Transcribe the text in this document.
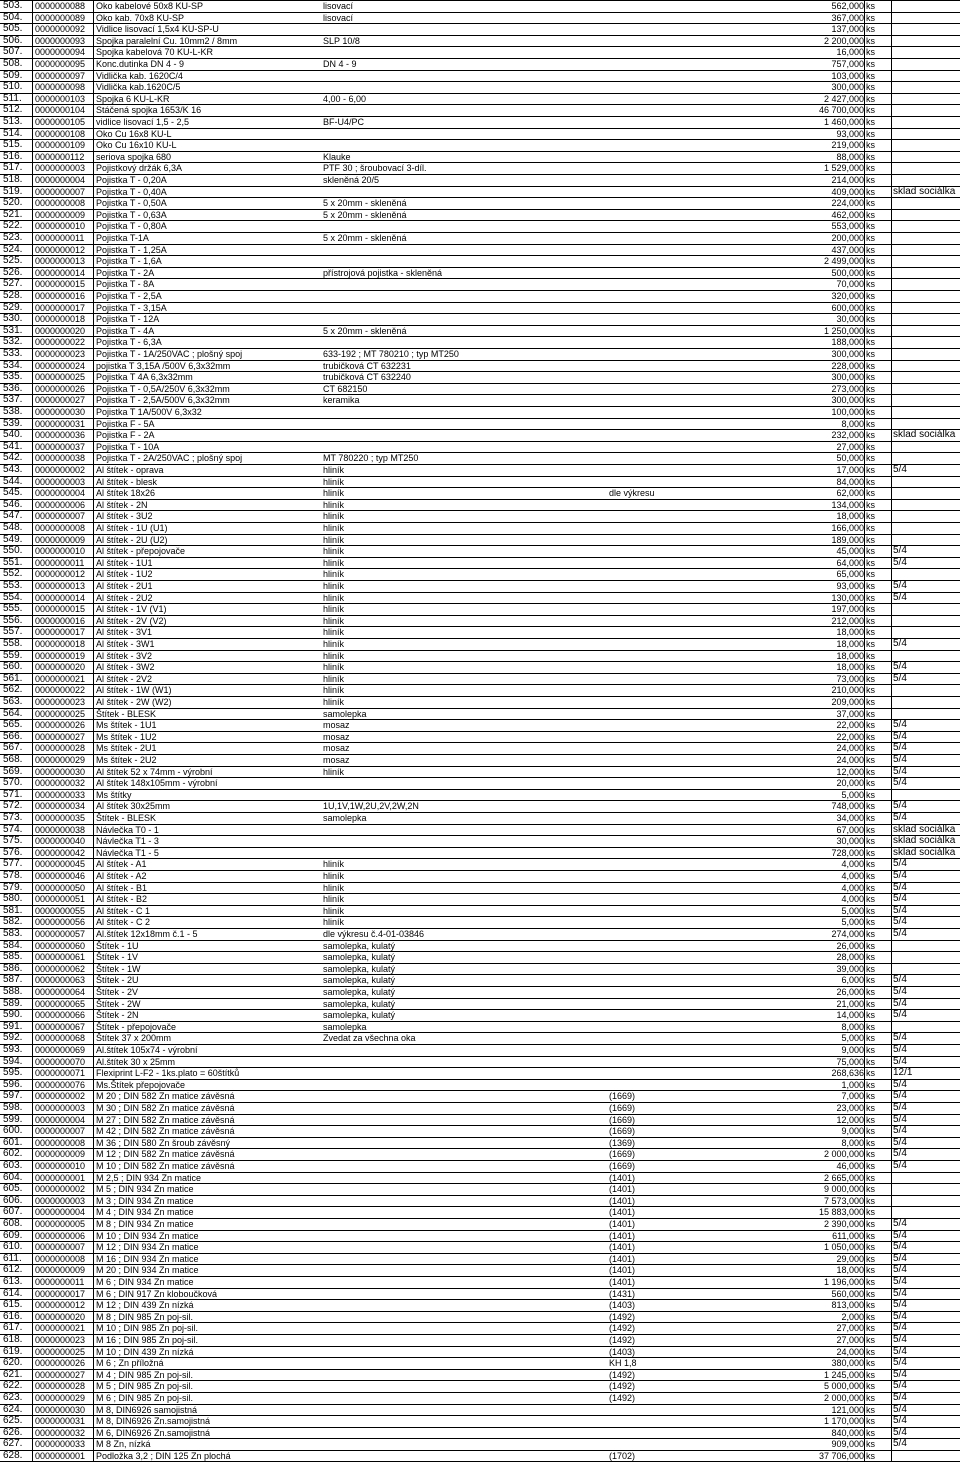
503.	0000000088	Oko kabelové 50x8 KU-SP	lisovací	562,000 ks
504.	0000000089	Oko kab. 70x8 KU-SP	lisovací	367,000 ks
505.	0000000092	Vidlice lisovací 1,5x4 KU-SP-U	137,000 ks
506.	0000000093	Spojka paralelní Cu. 10mm2 / 8mm	SLP 10/8	2 200,000 ks
507.	0000000094	Spojka kabelová 70 KU-L-KR	16,000 ks
508.	0000000095	Konc.dutinka DN 4 - 9	DN 4 - 9	757,000 ks
509.	0000000097	Vidlička kab. 1620C/4	103,000 ks
510.	0000000098	Vidlička kab.1620C/5	300,000 ks
511.	0000000103	Spojka 6 KU-L-KR	4,00 - 6,00	2 427,000 ks
512.	0000000104	Stáčená spojka 1653/K 16	46 700,000 ks
513.	0000000105	vidlice lisovací 1,5 - 2,5	BF-U4/PC	1 460,000 ks
514.	0000000108	Oko Cu 16x8 KU-L	93,000 ks
515.	0000000109	Oko Cu 16x10 KU-L	219,000 ks
516.	0000000112	seriova spojka 680	Klauke	88,000 ks
517.	0000000003	Pojistkový držák 6,3A	PTF 30 ; šroubovací 3-díl.	1 529,000 ks
518.	0000000004	Pojistka T - 0,20A	skleněná 20/5	214,000 ks
519.	0000000007	Pojistka T - 0,40A	409,000 ks	sklad sociálka
520.	0000000008	Pojistka T - 0,50A	5 x 20mm - skleněná	224,000 ks
521.	0000000009	Pojistka T - 0,63A	5 x 20mm - skleněná	462,000 ks
522.	0000000010	Pojistka T - 0,80A	553,000 ks
523.	0000000011	Pojistka T-1A	5 x 20mm - skleněná	200,000 ks
524.	0000000012	Pojistka T - 1,25A	437,000 ks
525.	0000000013	Pojistka T - 1,6A	2 499,000 ks
526.	0000000014	Pojistka T - 2A	přístrojová pojistka - skleněná	500,000 ks
527.	0000000015	Pojistka T - 8A	70,000 ks
528.	0000000016	Pojistka T - 2,5A	320,000 ks
529.	0000000017	Pojistka T - 3,15A	600,000 ks
530.	0000000018	Pojistka T - 12A	30,000 ks
531.	0000000020	Pojistka T - 4A	5 x 20mm - skleněná	1 250,000 ks
532.	0000000022	Pojistka T - 6,3A	188,000 ks
533.	0000000023	Pojistka T - 1A/250VAC ; plošný spoj	633-192 ; MT 780210 ; typ MT250	300,000 ks
534.	0000000024	pojistka T 3,15A /500V 6,3x32mm	trubičková CT 632231	228,000 ks
535.	0000000025	Pojistka T 4A 6,3x32mm	trubičková CT 632240	300,000 ks
536.	0000000026	Pojistka T - 0,5A/250V 6,3x32mm	CT 682150	273,000 ks
537.	0000000027	Pojistka T - 2,5A/500V 6,3x32mm	keramika	300,000 ks
538.	0000000030	Pojistka T 1A/500V 6,3x32	100,000 ks
539.	0000000031	Pojistka F - 5A	8,000 ks
540.	0000000036	Pojistka F - 2A	232,000 ks	sklad sociálka
541.	0000000037	Pojistka T - 10A	27,000 ks
542.	0000000038	Pojistka T - 2A/250VAC ; plošný spoj	MT 780220 ; typ MT250	50,000 ks
543.	0000000002	Al štítek - oprava	hliník	17,000 ks	5/4
544.	0000000003	Al štítek - blesk	hliník	84,000 ks
545.	0000000004	Al štítek 18x26	hliník	dle výkresu	62,000 ks
546.	0000000006	Al štítek - 2N	hliník	134,000 ks
547.	0000000007	Al štítek - 3U2	hliník	18,000 ks
548.	0000000008	Al štítek - 1U (U1)	hliník	166,000 ks
549.	0000000009	Al štítek - 2U (U2)	hliník	189,000 ks
550.	0000000010	Al štítek - přepojovače	hliník	45,000 ks	5/4
551.	0000000011	Al štítek - 1U1	hliník	64,000 ks	5/4
552.	0000000012	Al štítek - 1U2	hliník	65,000 ks
553.	0000000013	Al štítek - 2U1	hliník	93,000 ks	5/4
554.	0000000014	Al štítek - 2U2	hliník	130,000 ks	5/4
555.	0000000015	Al štítek - 1V (V1)	hliník	197,000 ks
556.	0000000016	Al štítek - 2V (V2)	hliník	212,000 ks
557.	0000000017	Al štítek - 3V1	hliník	18,000 ks
558.	0000000018	Al štítek - 3W1	hliník	18,000 ks	5/4
559.	0000000019	Al štítek - 3V2	hliník	18,000 ks
560.	0000000020	Al štítek - 3W2	hliník	18,000 ks	5/4
561.	0000000021	Al štítek - 2V2	hliník	73,000 ks	5/4
562.	0000000022	Al štítek - 1W (W1)	hliník	210,000 ks
563.	0000000023	Al štítek - 2W (W2)	hliník	209,000 ks
564.	0000000025	Štítek - BLESK	samolepka	37,000 ks
565.	0000000026	Ms štítek - 1U1	mosaz	22,000 ks	5/4
566.	0000000027	Ms štítek - 1U2	mosaz	22,000 ks	5/4
567.	0000000028	Ms štítek - 2U1	mosaz	24,000 ks	5/4
568.	0000000029	Ms štítek - 2U2	mosaz	24,000 ks	5/4
569.	0000000030	Al štítek 52 x 74mm - výrobní	hliník	12,000 ks	5/4
570.	0000000032	Al štítek 148x105mm - výrobní	20,000 ks	5/4
571.	0000000033	Ms štítky	5,000 ks
572.	0000000034	Al štítek 30x25mm	1U,1V,1W,2U,2V,2W,2N	748,000 ks	5/4
573.	0000000035	Štítek - BLESK	samolepka	34,000 ks	5/4
574.	0000000038	Návlečka T0 - 1	67,000 ks	sklad sociálka
575.	0000000040	Návlečka T1 - 3	30,000 ks	sklad sociálka
576.	0000000042	Návlečka T1 - 5	728,000 ks	sklad sociálka
577.	0000000045	Al štítek - A1	hliník	4,000 ks	5/4
578.	0000000046	Al štítek - A2	hliník	4,000 ks	5/4
579.	0000000050	Al štítek - B1	hliník	4,000 ks	5/4
580.	0000000051	Al štítek - B2	hliník	4,000 ks	5/4
581.	0000000055	Al štítek - C 1	hliník	5,000 ks	5/4
582.	0000000056	Al štítek - C 2	hliník	5,000 ks	5/4
583.	0000000057	Al.štítek 12x18mm č.1 - 5	dle výkresu č.4-01-03846	274,000 ks	5/4
584.	0000000060	Štítek - 1U	samolepka, kulatý	26,000 ks
585.	0000000061	Štítek - 1V	samolepka, kulatý	28,000 ks
586.	0000000062	Štítek - 1W	samolepka, kulatý	39,000 ks
587.	0000000063	Štítek - 2U	samolepka, kulatý	6,000 ks	5/4
588.	0000000064	Štítek - 2V	samolepka, kulatý	26,000 ks	5/4
589.	0000000065	Štítek - 2W	samolepka, kulatý	21,000 ks	5/4
590.	0000000066	Štítek - 2N	samolepka, kulatý	14,000 ks	5/4
591.	0000000067	Štítek - přepojovače	samolepka	8,000 ks
592.	0000000068	Štítek 37 x 200mm	Zvedat za všechna oka	5,000 ks	5/4
593.	0000000069	Al.štítek 105x74 - výrobní	9,000 ks	5/4
594.	0000000070	Al.štítek 30 x 25mm	75,000 ks	5/4
595.	0000000071	Flexiprint L-F2 - 1ks.plato = 60štítků	268,636 ks	12/1
596.	0000000076	Ms.Štítek přepojovače	1,000 ks	5/4
597.	0000000002	M 20 ; DIN 582 Zn matice závěsná	(1669)	7,000 ks	5/4
598.	0000000003	M 30 ; DIN 582 Zn matice závěsná	(1669)	23,000 ks	5/4
599.	0000000004	M 27 ; DIN 582 Zn matice závěsná	(1669)	12,000 ks	5/4
600.	0000000007	M 42 ; DIN 582 Zn matice závěsná	(1669)	9,000 ks	5/4
601.	0000000008	M 36 ; DIN 580 Zn šroub závěsný	(1369)	8,000 ks	5/4
602.	0000000009	M 12 ; DIN 582 Zn matice závěsná	(1669)	2 000,000 ks	5/4
603.	0000000010	M 10 ; DIN 582 Zn matice závěsná	(1669)	46,000 ks	5/4
604.	0000000001	M 2,5 ; DIN 934 Zn matice	(1401)	2 665,000 ks
605.	0000000002	M 5 ; DIN 934 Zn matice	(1401)	9 000,000 ks
606.	0000000003	M 3 ; DIN 934 Zn matice	(1401)	7 573,000 ks
607.	0000000004	M 4 ; DIN 934 Zn matice	(1401)	15 883,000 ks
608.	0000000005	M 8 ; DIN 934 Zn matice	(1401)	2 390,000 ks	5/4
609.	0000000006	M 10 ; DIN 934 Zn matice	(1401)	611,000 ks	5/4
610.	0000000007	M 12 ; DIN 934 Zn matice	(1401)	1 050,000 ks	5/4
611.	0000000008	M 16 ; DIN 934 Zn matice	(1401)	29,000 ks	5/4
612.	0000000009	M 20 ; DIN 934 Zn matice	(1401)	18,000 ks	5/4
613.	0000000011	M 6 ; DIN 934 Zn matice	(1401)	1 196,000 ks	5/4
614.	0000000017	M 6 ; DIN 917 Zn kloboučková	(1431)	560,000 ks	5/4
615.	0000000012	M 12 ; DIN 439 Zn nízká	(1403)	813,000 ks	5/4
616.	0000000020	M 8 ; DIN 985 Zn poj-sil.	(1492)	2,000 ks	5/4
617.	0000000021	M 10 ; DIN 985 Zn poj-sil.	(1492)	27,000 ks	5/4
618.	0000000023	M 16 ; DIN 985 Zn poj-sil.	(1492)	27,000 ks	5/4
619.	0000000025	M 10 ; DIN 439 Zn nízká	(1403)	24,000 ks	5/4
620.	0000000026	M 6 ; Zn příložná	KH 1,8	380,000 ks	5/4
621.	0000000027	M 4 ; DIN 985 Zn poj-sil.	(1492)	1 245,000 ks	5/4
622.	0000000028	M 5 ; DIN 985 Zn poj-sil.	(1492)	5 000,000 ks	5/4
623.	0000000029	M 6 ; DIN 985 Zn poj-sil.	(1492)	2 000,000 ks	5/4
624.	0000000030	M 8, DIN6926 samojistná	121,000 ks	5/4
625.	0000000031	M 8, DIN6926 Zn.samojistná	1 170,000 ks	5/4
626.	0000000032	M 6, DIN6926 Zn.samojistná	840,000 ks	5/4
627.	0000000033	M 8 Zn, nízká	909,000 ks	5/4
628.	0000000001	Podložka 3,2 ; DIN 125 Zn plochá	(1702)	37 706,000 ks
